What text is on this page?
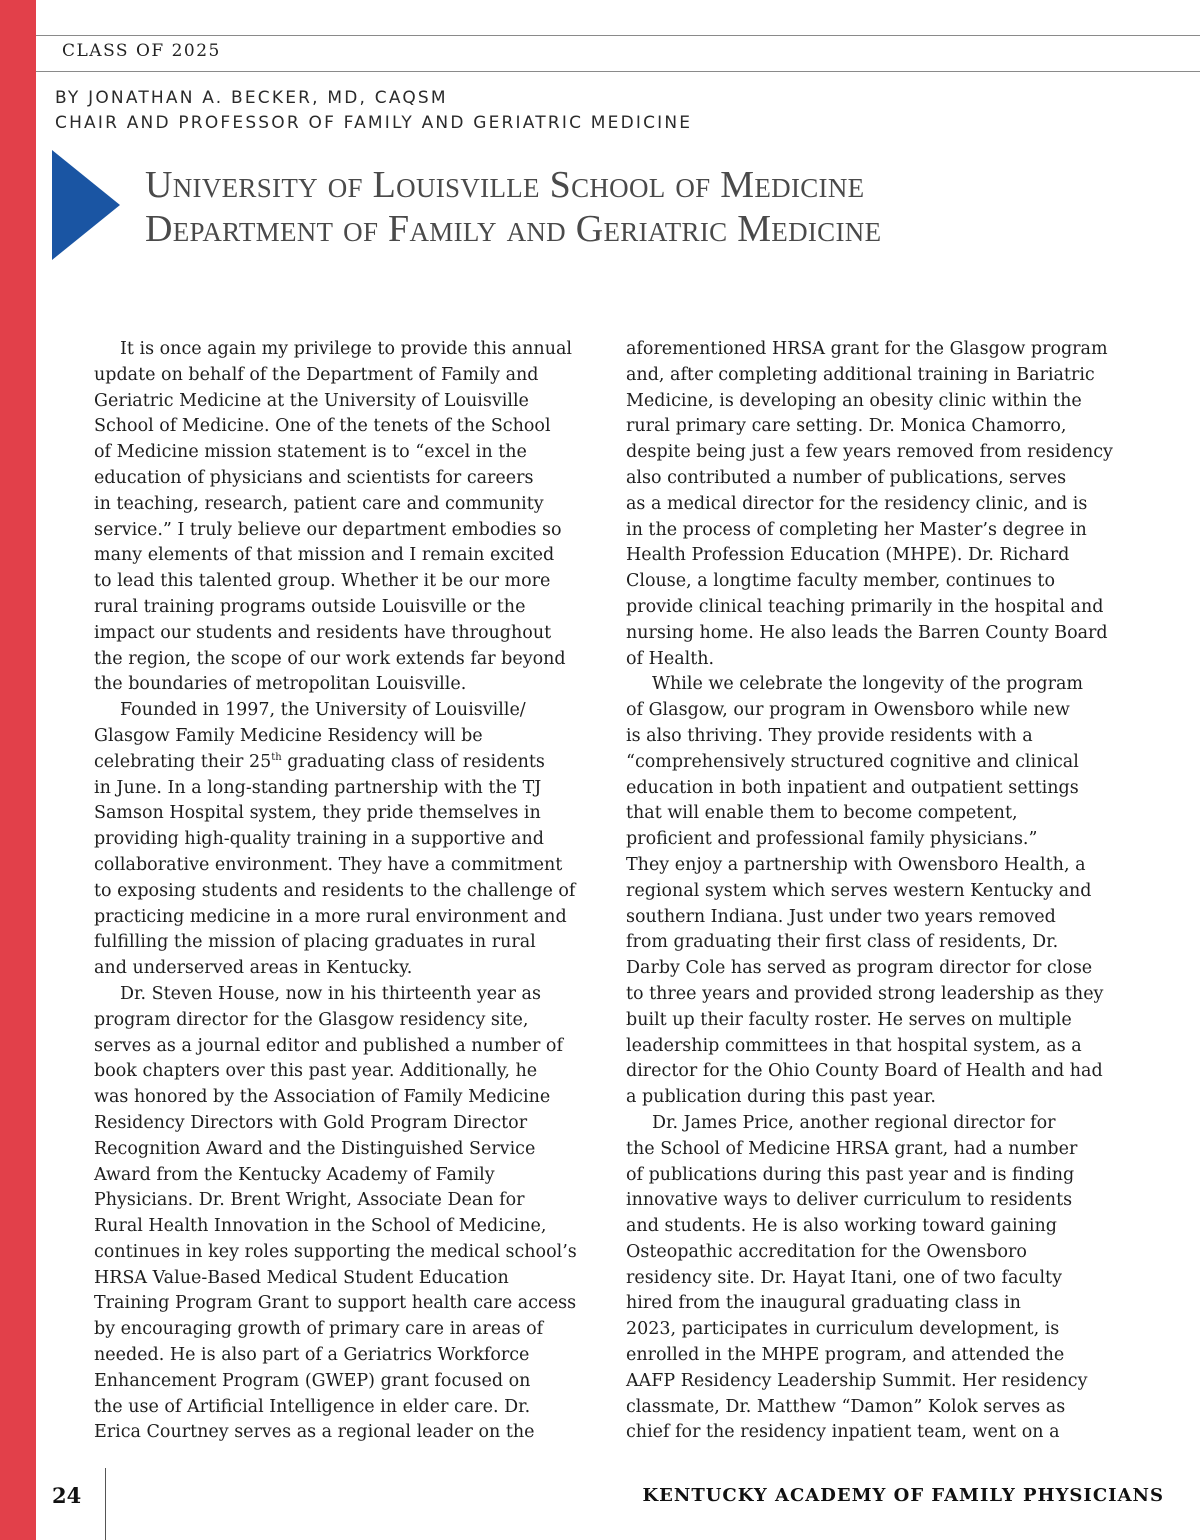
CLASS OF 2025
BY JONATHAN A. BECKER, MD, CAQSM
CHAIR AND PROFESSOR OF FAMILY AND GERIATRIC MEDICINE
University of Louisville School of Medicine
Department of Family and Geriatric Medicine

It is once again my privilege to provide this annual

update on behalf of the Department of Family and

Geriatric Medicine at the University of Louisville

School of Medicine. One of the tenets of the School

of Medicine mission statement is to “excel in the

education of physicians and scientists for careers

in teaching, research, patient care and community

service.” I truly believe our department embodies so

many elements of that mission and I remain excited

to lead this talented group. Whether it be our more

rural training programs outside Louisville or the

impact our students and residents have throughout

the region, the scope of our work extends far beyond

the boundaries of metropolitan Louisville.

Founded in 1997, the University of Louisville/

Glasgow Family Medicine Residency will be

celebrating their 25th graduating class of residents

in June. In a long-standing partnership with the TJ

Samson Hospital system, they pride themselves in

providing high-quality training in a supportive and

collaborative environment. They have a commitment

to exposing students and residents to the challenge of

practicing medicine in a more rural environment and

fulfilling the mission of placing graduates in rural

and underserved areas in Kentucky.

Dr. Steven House, now in his thirteenth year as

program director for the Glasgow residency site,

serves as a journal editor and published a number of

book chapters over this past year. Additionally, he

was honored by the Association of Family Medicine

Residency Directors with Gold Program Director

Recognition Award and the Distinguished Service

Award from the Kentucky Academy of Family

Physicians. Dr. Brent Wright, Associate Dean for

Rural Health Innovation in the School of Medicine,

continues in key roles supporting the medical school’s

HRSA Value-Based Medical Student Education

Training Program Grant to support health care access

by encouraging growth of primary care in areas of

needed. He is also part of a Geriatrics Workforce

Enhancement Program (GWEP) grant focused on

the use of Artificial Intelligence in elder care. Dr.

Erica Courtney serves as a regional leader on the

aforementioned HRSA grant for the Glasgow program

and, after completing additional training in Bariatric

Medicine, is developing an obesity clinic within the

rural primary care setting. Dr. Monica Chamorro,

despite being just a few years removed from residency

also contributed a number of publications, serves

as a medical director for the residency clinic, and is

in the process of completing her Master’s degree in

Health Profession Education (MHPE). Dr. Richard

Clouse, a longtime faculty member, continues to

provide clinical teaching primarily in the hospital and

nursing home. He also leads the Barren County Board

of Health.

While we celebrate the longevity of the program

of Glasgow, our program in Owensboro while new

is also thriving. They provide residents with a

“comprehensively structured cognitive and clinical

education in both inpatient and outpatient settings

that will enable them to become competent,

proficient and professional family physicians.”

They enjoy a partnership with Owensboro Health, a

regional system which serves western Kentucky and

southern Indiana. Just under two years removed

from graduating their first class of residents, Dr.

Darby Cole has served as program director for close

to three years and provided strong leadership as they

built up their faculty roster. He serves on multiple

leadership committees in that hospital system, as a

director for the Ohio County Board of Health and had

a publication during this past year.

Dr. James Price, another regional director for

the School of Medicine HRSA grant, had a number

of publications during this past year and is finding

innovative ways to deliver curriculum to residents

and students. He is also working toward gaining

Osteopathic accreditation for the Owensboro

residency site. Dr. Hayat Itani, one of two faculty

hired from the inaugural graduating class in

2023, participates in curriculum development, is

enrolled in the MHPE program, and attended the

AAFP Residency Leadership Summit. Her residency

classmate, Dr. Matthew “Damon” Kolok serves as

chief for the residency inpatient team, went on a

24	KENTUCKY ACADEMY OF FAMILY PHYSICIANS
